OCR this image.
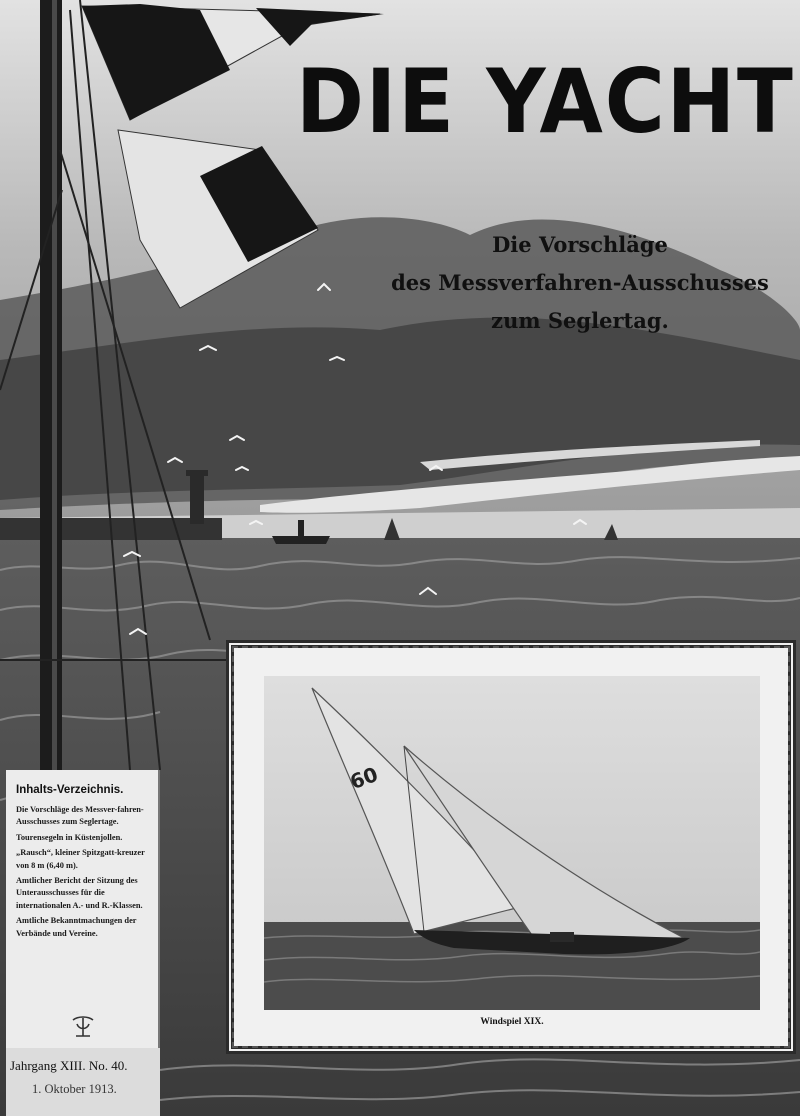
DIE YACHT
Die Vorschläge
des Messverfahren-Ausschusses
zum Seglertag.
Inhalts-Verzeichnis.
Die Vorschläge des Messver-fahren-Ausschusses zum Seglertage.
Tourensegeln in Küstenjollen.
„Rausch“, kleiner Spitzgatt-kreuzer von 8 m (6,40 m).
Amtlicher Bericht der Sitzung des Unterausschusses für die internationalen A.- und R.-Klassen.
Amtliche Bekanntmachungen der Verbände und Vereine.
Jahrgang XIII. No. 40.
1. Oktober 1913.
60
Windspiel XIX.
